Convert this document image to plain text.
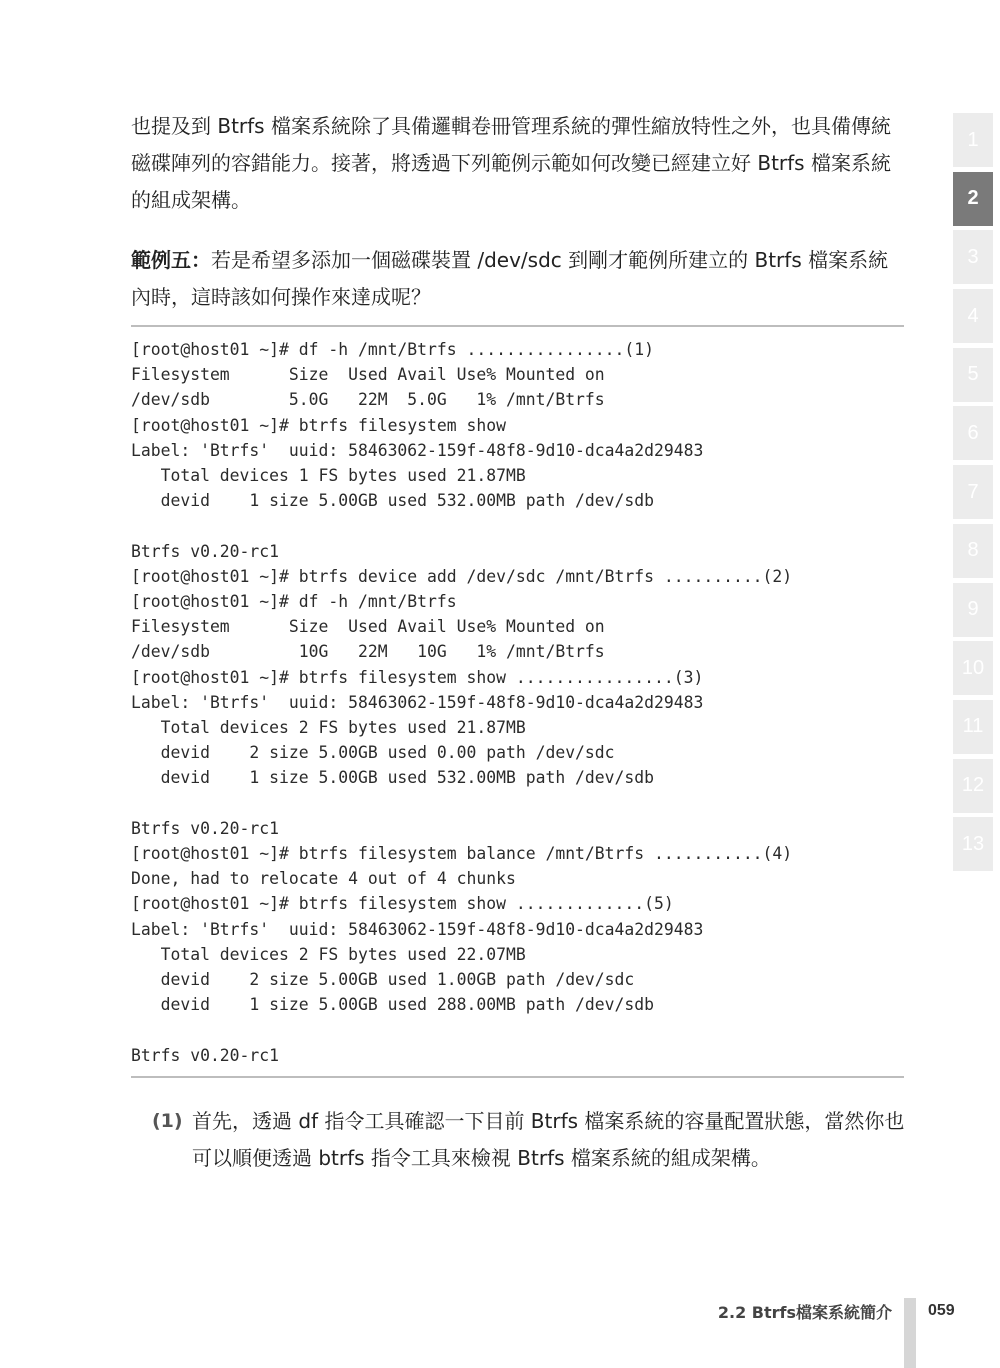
也提及到 Btrfs 檔案系統除了具備邏輯卷冊管理系統的彈性縮放特性之外，也具備傳統磁碟陣列的容錯能力。接著，將透過下列範例示範如何改變已經建立好 Btrfs 檔案系統的組成架構。

範例五：若是希望多添加一個磁碟裝置 /dev/sdc 到剛才範例所建立的 Btrfs 檔案系統內時，這時該如何操作來達成呢？

[root@host01 ~]# df -h /mnt/Btrfs ................(1)
Filesystem      Size  Used Avail Use% Mounted on
/dev/sdb        5.0G   22M  5.0G   1% /mnt/Btrfs
[root@host01 ~]# btrfs filesystem show
Label: 'Btrfs'  uuid: 58463062-159f-48f8-9d10-dca4a2d29483
Total devices 1 FS bytes used 21.87MB
devid    1 size 5.00GB used 532.00MB path /dev/sdb

Btrfs v0.20-rc1
[root@host01 ~]# btrfs device add /dev/sdc /mnt/Btrfs ..........(2)
[root@host01 ~]# df -h /mnt/Btrfs
Filesystem      Size  Used Avail Use% Mounted on
/dev/sdb         10G   22M   10G   1% /mnt/Btrfs
[root@host01 ~]# btrfs filesystem show ................(3)
Label: 'Btrfs'  uuid: 58463062-159f-48f8-9d10-dca4a2d29483
Total devices 2 FS bytes used 21.87MB
devid    2 size 5.00GB used 0.00 path /dev/sdc
devid    1 size 5.00GB used 532.00MB path /dev/sdb

Btrfs v0.20-rc1
[root@host01 ~]# btrfs filesystem balance /mnt/Btrfs ...........(4)
Done, had to relocate 4 out of 4 chunks
[root@host01 ~]# btrfs filesystem show .............(5)
Label: 'Btrfs'  uuid: 58463062-159f-48f8-9d10-dca4a2d29483
Total devices 2 FS bytes used 22.07MB
devid    2 size 5.00GB used 1.00GB path /dev/sdc
devid    1 size 5.00GB used 288.00MB path /dev/sdb

Btrfs v0.20-rc1
(1) 首先，透過 df 指令工具確認一下目前 Btrfs 檔案系統的容量配置狀態，當然你也可以順便透過 btrfs 指令工具來檢視 Btrfs 檔案系統的組成架構。
1
2
3
4
5
6
7
8
9
10
11
12
13
2.2 Btrfs檔案系統簡介 059
